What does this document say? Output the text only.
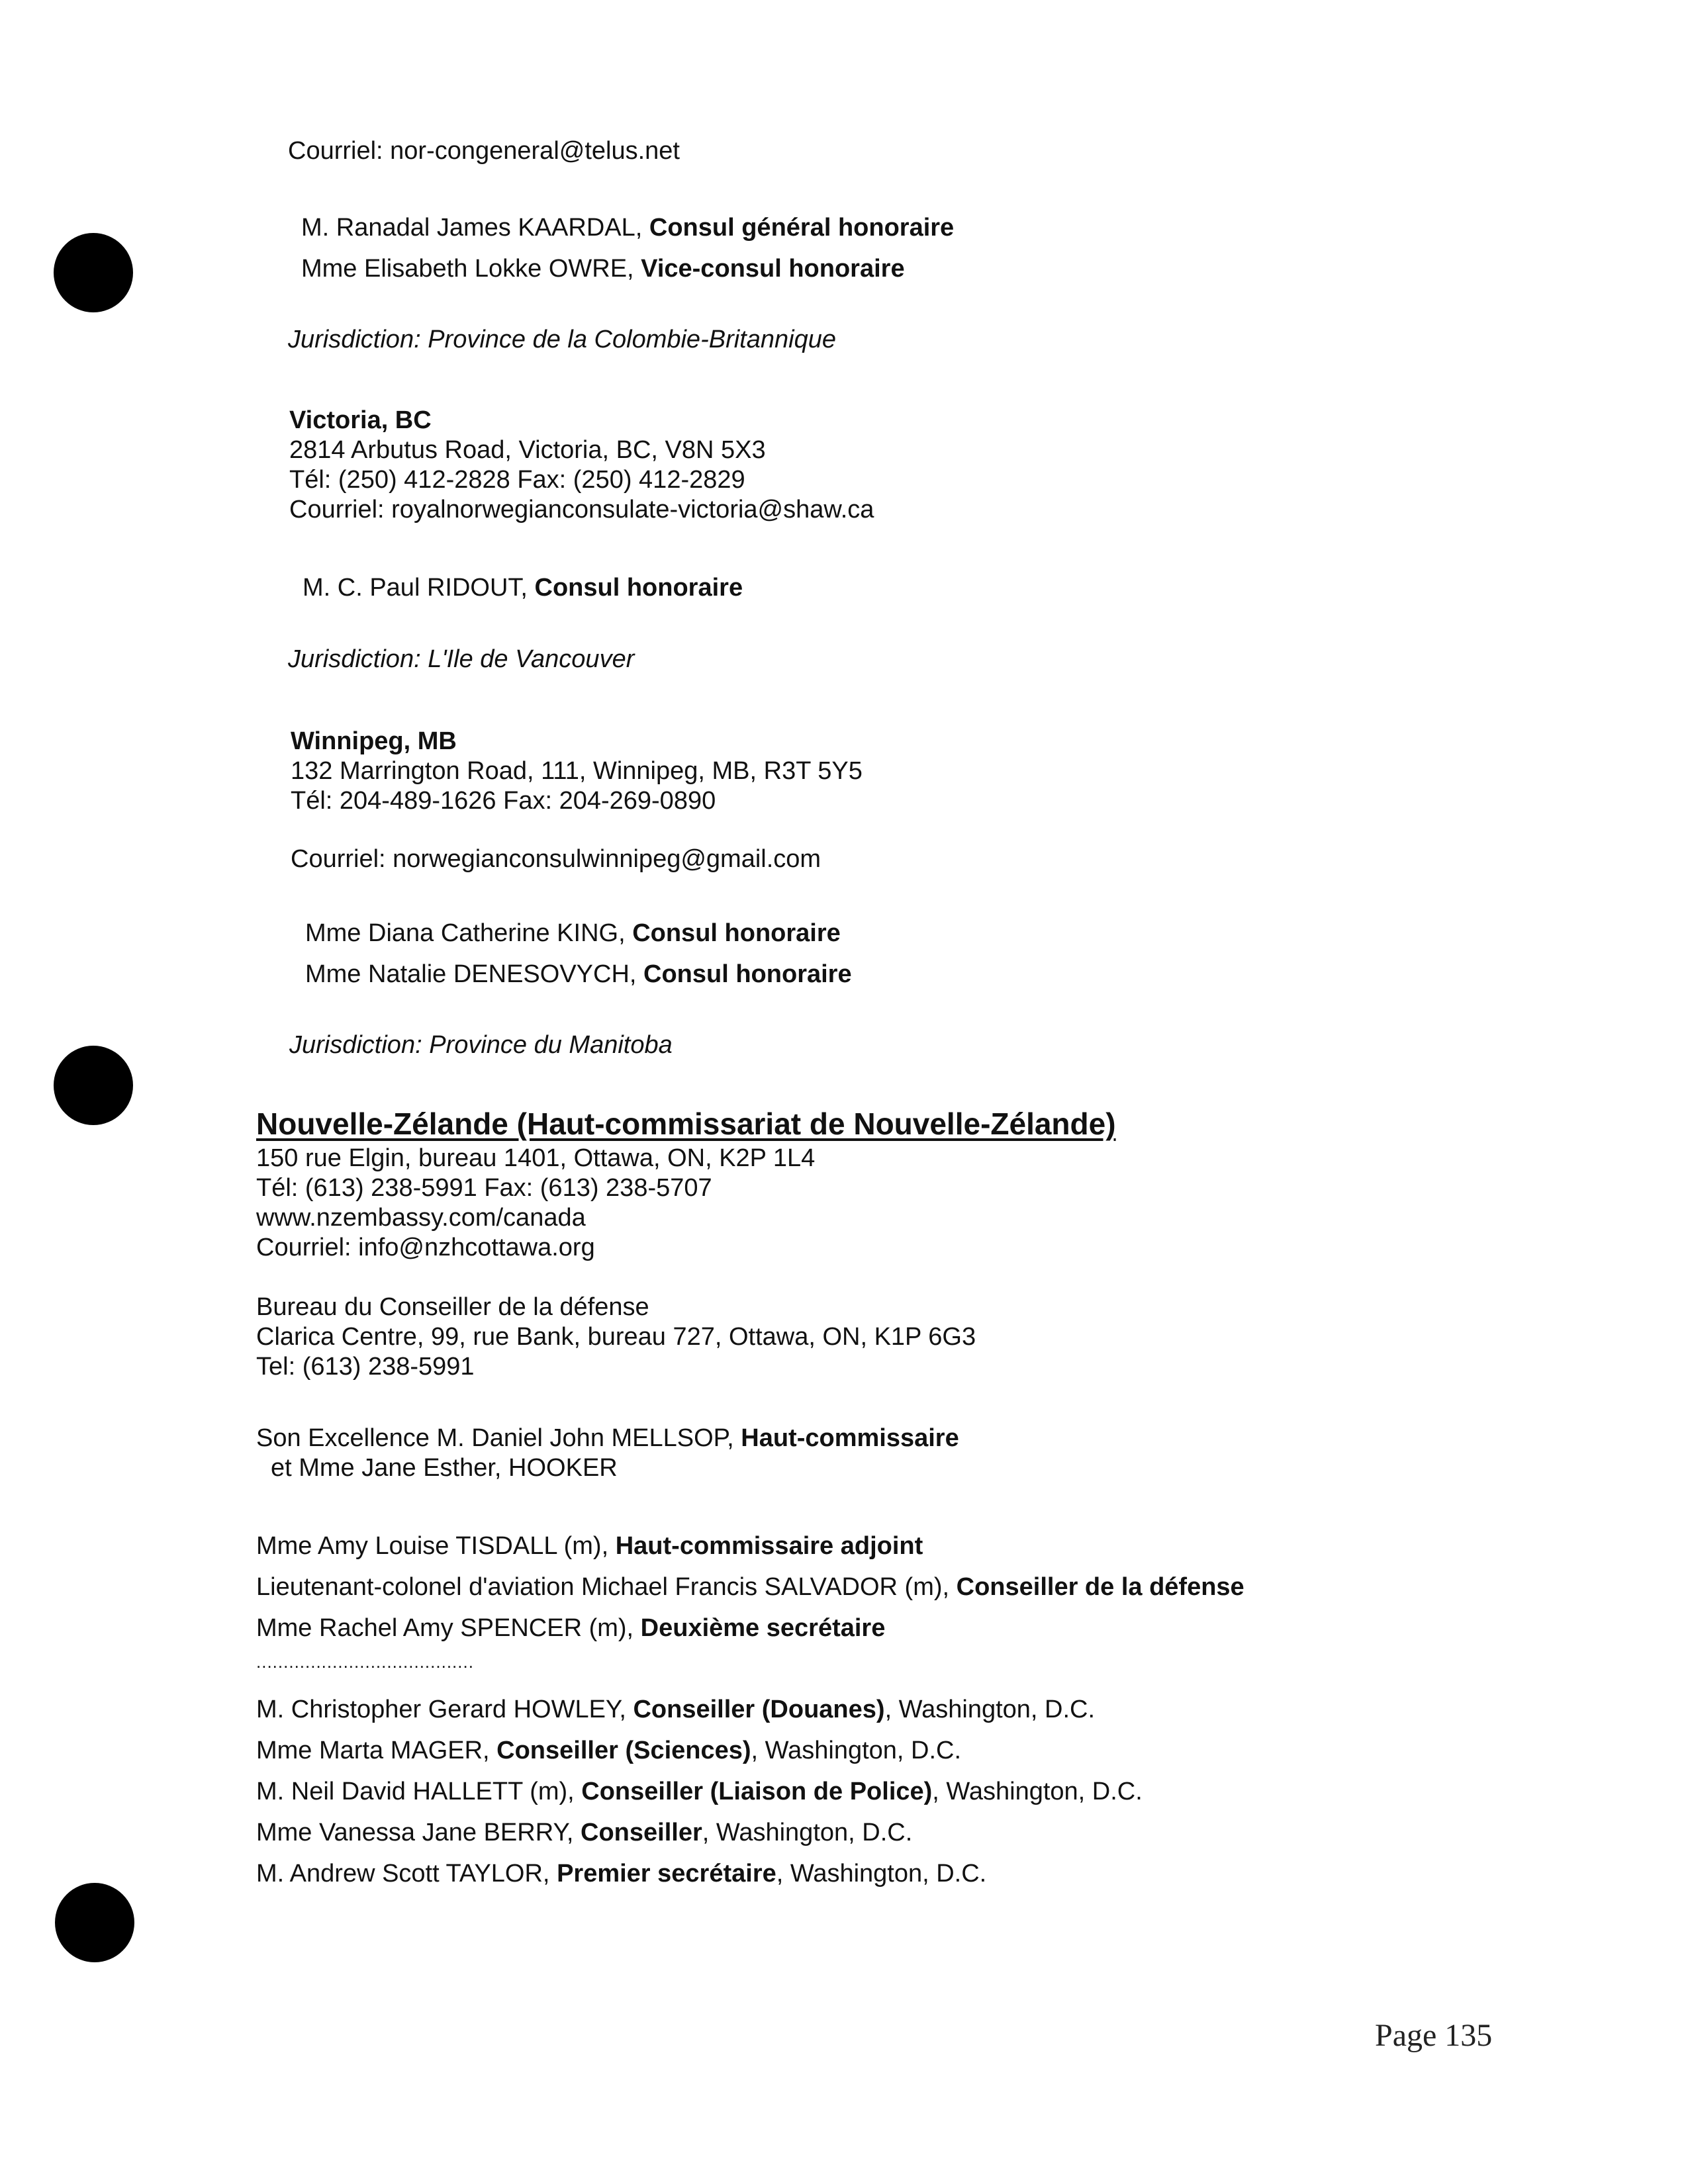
Courriel: nor-congeneral@telus.net
M. Ranadal James KAARDAL, Consul général honoraire
Mme Elisabeth Lokke OWRE, Vice-consul honoraire
Jurisdiction: Province de la Colombie-Britannique
Victoria, BC
2814 Arbutus Road, Victoria, BC, V8N 5X3
Tél: (250) 412-2828 Fax: (250) 412-2829
Courriel: royalnorwegianconsulate-victoria@shaw.ca
M. C. Paul RIDOUT, Consul honoraire
Jurisdiction: L'Ile de Vancouver
Winnipeg, MB
132 Marrington Road, 111, Winnipeg, MB, R3T 5Y5
Tél: 204-489-1626 Fax: 204-269-0890
Courriel: norwegianconsulwinnipeg@gmail.com
Mme Diana Catherine KING, Consul honoraire
Mme Natalie DENESOVYCH, Consul honoraire
Jurisdiction: Province du Manitoba
Nouvelle-Zélande (Haut-commissariat de Nouvelle-Zélande)
150 rue Elgin, bureau 1401, Ottawa, ON, K2P 1L4
Tél: (613) 238-5991 Fax: (613) 238-5707
www.nzembassy.com/canada
Courriel: info@nzhcottawa.org
Bureau du Conseiller de la défense
Clarica Centre, 99, rue Bank, bureau 727, Ottawa, ON, K1P 6G3
Tel: (613) 238-5991
Son Excellence M. Daniel John MELLSOP, Haut-commissaire
et Mme Jane Esther, HOOKER
Mme Amy Louise TISDALL (m), Haut-commissaire adjoint
Lieutenant-colonel d'aviation Michael Francis SALVADOR (m), Conseiller de la défense
Mme Rachel Amy SPENCER (m), Deuxième secrétaire
........................................
M. Christopher Gerard HOWLEY, Conseiller (Douanes), Washington, D.C.
Mme Marta MAGER, Conseiller (Sciences), Washington, D.C.
M. Neil David HALLETT (m), Conseiller (Liaison de Police), Washington, D.C.
Mme Vanessa Jane BERRY, Conseiller, Washington, D.C.
M. Andrew Scott TAYLOR, Premier secrétaire, Washington, D.C.
Page 135
